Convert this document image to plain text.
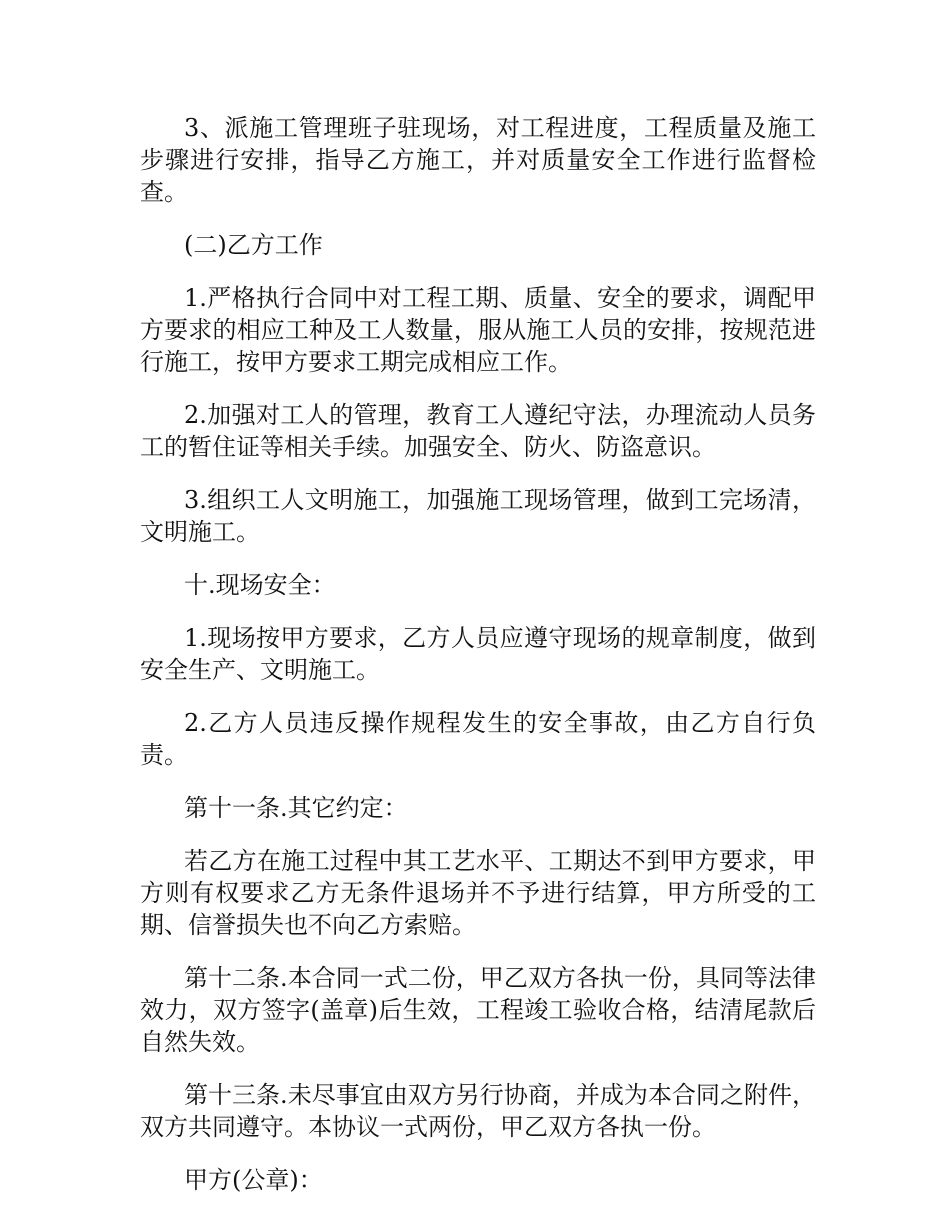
3、派施工管理班子驻现场，对工程进度，工程质量及施工步骤进行安排，指导乙方施工，并对质量安全工作进行监督检查。

(二)乙方工作

1.严格执行合同中对工程工期、质量、安全的要求，调配甲方要求的相应工种及工人数量，服从施工人员的安排，按规范进行施工，按甲方要求工期完成相应工作。

2.加强对工人的管理，教育工人遵纪守法，办理流动人员务工的暂住证等相关手续。加强安全、防火、防盗意识。

3.组织工人文明施工，加强施工现场管理，做到工完场清，文明施工。

十.现场安全：

1.现场按甲方要求，乙方人员应遵守现场的规章制度，做到安全生产、文明施工。

2.乙方人员违反操作规程发生的安全事故，由乙方自行负责。

第十一条.其它约定：

若乙方在施工过程中其工艺水平、工期达不到甲方要求，甲方则有权要求乙方无条件退场并不予进行结算，甲方所受的工期、信誉损失也不向乙方索赔。

第十二条.本合同一式二份，甲乙双方各执一份，具同等法律效力，双方签字(盖章)后生效，工程竣工验收合格，结清尾款后自然失效。

第十三条.未尽事宜由双方另行协商，并成为本合同之附件，双方共同遵守。本协议一式两份，甲乙双方各执一份。

甲方(公章)：
